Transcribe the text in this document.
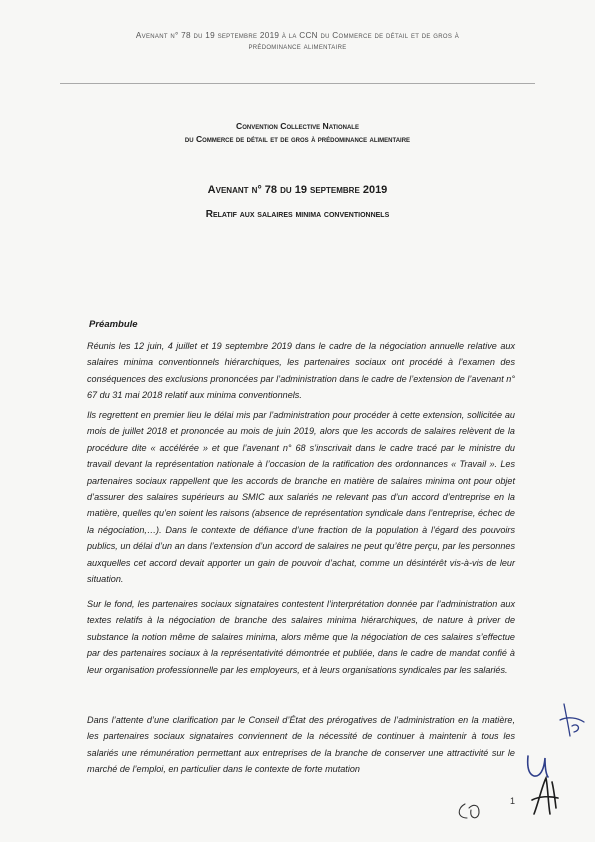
Avenant n° 78 du 19 septembre 2019 à la CCN du Commerce de détail et de gros à
prédominance alimentaire
Convention Collective Nationale
du Commerce de détail et de gros à prédominance alimentaire
Avenant n° 78 du 19 septembre 2019
Relatif aux salaires minima conventionnels
Préambule

Réunis les 12 juin, 4 juillet et 19 septembre 2019 dans le cadre de la négociation annuelle relative aux salaires minima conventionnels hiérarchiques, les partenaires sociaux ont procédé à l’examen des conséquences des exclusions prononcées par l’administration dans le cadre de l’extension de l’avenant n° 67 du 31 mai 2018 relatif aux minima conventionnels.

Ils regrettent en premier lieu le délai mis par l’administration pour procéder à cette extension, sollicitée au mois de juillet 2018 et prononcée au mois de juin 2019, alors que les accords de salaires relèvent de la procédure dite « accélérée » et que l’avenant n° 68 s’inscrivait dans le cadre tracé par le ministre du travail devant la représentation nationale à l’occasion de la ratification des ordonnances « Travail ». Les partenaires sociaux rappellent que les accords de branche en matière de salaires minima ont pour objet d’assurer des salaires supérieurs au SMIC aux salariés ne relevant pas d’un accord d’entreprise en la matière, quelles qu’en soient les raisons (absence de représentation syndicale dans l’entreprise, échec de la négociation,…). Dans le contexte de défiance d’une fraction de la population à l’égard des pouvoirs publics, un délai d’un an dans l’extension d’un accord de salaires ne peut qu’être perçu, par les personnes auxquelles cet accord devait apporter un gain de pouvoir d’achat, comme un désintérêt vis-à-vis de leur situation.

Sur le fond, les partenaires sociaux signataires contestent l’interprétation donnée par l’administration aux textes relatifs à la négociation de branche des salaires minima hiérarchiques, de nature à priver de substance la notion même de salaires minima, alors même que la négociation de ces salaires s’effectue par des partenaires sociaux à la représentativité démontrée et publiée, dans le cadre de mandat confié à leur organisation professionnelle par les employeurs, et à leurs organisations syndicales par les salariés.

Dans l’attente d’une clarification par le Conseil d’État des prérogatives de l’administration en la matière, les partenaires sociaux signataires conviennent de la nécessité de continuer à maintenir à tous les salariés une rémunération permettant aux entreprises de la branche de conserver une attractivité sur le marché de l’emploi, en particulier dans le contexte de forte mutation

1
